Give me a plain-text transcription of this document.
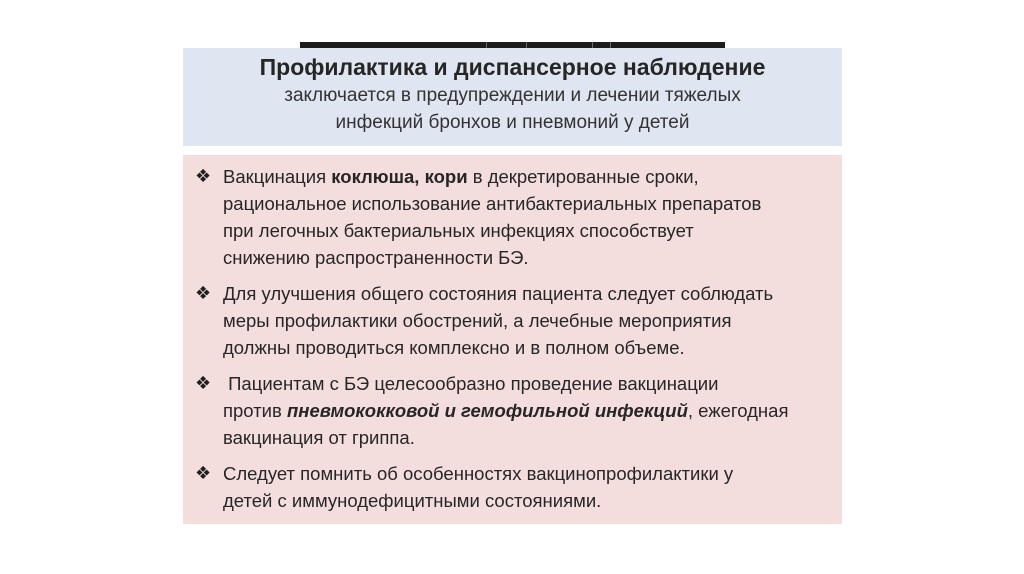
Профилактика и диспансерное наблюдение
заключается в предупреждении и лечении тяжелых
инфекций бронхов и пневмоний у детей
❖ Вакцинация коклюша, кори в декретированные сроки,
рациональное использование антибактериальных препаратов
при легочных бактериальных инфекциях способствует
снижению распространенности БЭ.
❖ Для улучшения общего состояния пациента следует соблюдать
меры профилактики обострений, а лечебные мероприятия
должны проводиться комплексно и в полном объеме.
❖ Пациентам с БЭ целесообразно проведение вакцинации
против пневмококковой и гемофильной инфекций, ежегодная
вакцинация от гриппа.
❖ Следует помнить об особенностях вакцинопрофилактики у
детей с иммунодефицитными состояниями.
